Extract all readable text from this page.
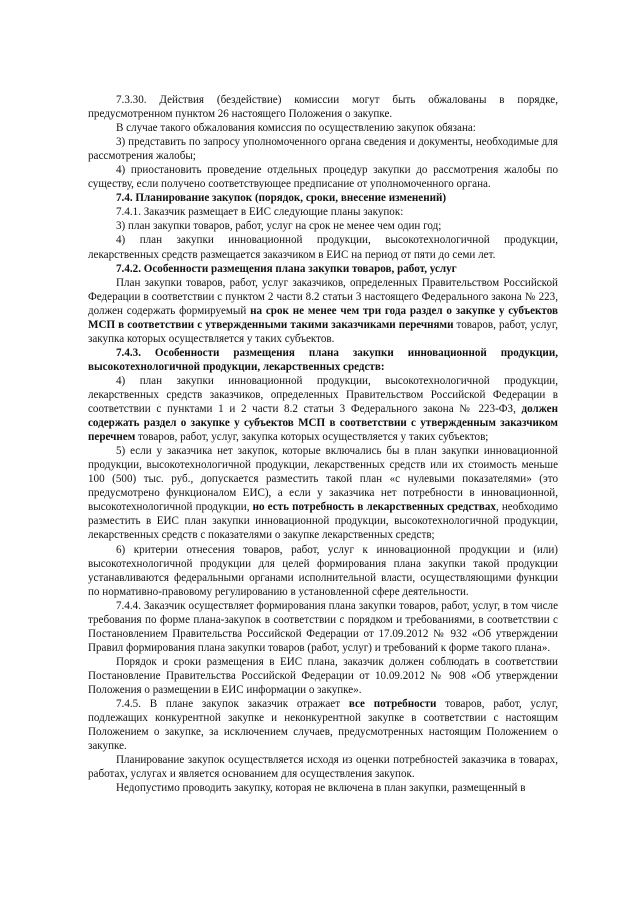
7.3.30. Действия (бездействие) комиссии могут быть обжалованы в порядке, предусмотренном пунктом 26 настоящего Положения о закупке.

В случае такого обжалования комиссия по осуществлению закупок обязана:

3) представить по запросу уполномоченного органа сведения и документы, необходимые для рассмотрения жалобы;

4) приостановить проведение отдельных процедур закупки до рассмотрения жалобы по существу, если получено соответствующее предписание от уполномоченного органа.

7.4. Планирование закупок (порядок, сроки, внесение изменений)

7.4.1. Заказчик размещает в ЕИС следующие планы закупок:

3) план закупки товаров, работ, услуг на срок не менее чем один год;

4) план закупки инновационной продукции, высокотехнологичной продукции, лекарственных средств размещается заказчиком в ЕИС на период от пяти до семи лет.

7.4.2. Особенности размещения плана закупки товаров, работ, услуг

План закупки товаров, работ, услуг заказчиков, определенных Правительством Российской Федерации в соответствии с пунктом 2 части 8.2 статьи 3 настоящего Федерального закона № 223, должен содержать формируемый на срок не менее чем три года раздел о закупке у субъектов МСП в соответствии с утвержденными такими заказчиками перечнями товаров, работ, услуг, закупка которых осуществляется у таких субъектов.

7.4.3. Особенности размещения плана закупки инновационной продукции, высокотехнологичной продукции, лекарственных средств:

4) план закупки инновационной продукции, высокотехнологичной продукции, лекарственных средств заказчиков, определенных Правительством Российской Федерации в соответствии с пунктами 1 и 2 части 8.2 статьи 3 Федерального закона № 223-ФЗ, должен содержать раздел о закупке у субъектов МСП в соответствии с утвержденным заказчиком перечнем товаров, работ, услуг, закупка которых осуществляется у таких субъектов;

5) если у заказчика нет закупок, которые включались бы в план закупки инновационной продукции, высокотехнологичной продукции, лекарственных средств или их стоимость меньше 100 (500) тыс. руб., допускается разместить такой план «с нулевыми показателями» (это предусмотрено функционалом ЕИС), а если у заказчика нет потребности в инновационной, высокотехнологичной продукции, но есть потребность в лекарственных средствах, необходимо разместить в ЕИС план закупки инновационной продукции, высокотехнологичной продукции, лекарственных средств с показателями о закупке лекарственных средств;

6) критерии отнесения товаров, работ, услуг к инновационной продукции и (или) высокотехнологичной продукции для целей формирования плана закупки такой продукции устанавливаются федеральными органами исполнительной власти, осуществляющими функции по нормативно-правовому регулированию в установленной сфере деятельности.

7.4.4. Заказчик осуществляет формирования плана закупки товаров, работ, услуг, в том числе требования по форме плана-закупок в соответствии с порядком и требованиями, в соответствии с Постановлением Правительства Российской Федерации от 17.09.2012 № 932 «Об утверждении Правил формирования плана закупки товаров (работ, услуг) и требований к форме такого плана».

Порядок и сроки размещения в ЕИС плана, заказчик должен соблюдать в соответствии Постановление Правительства Российской Федерации от 10.09.2012 № 908 «Об утверждении Положения о размещении в ЕИС информации о закупке».

7.4.5. В плане закупок заказчик отражает все потребности товаров, работ, услуг, подлежащих конкурентной закупке и неконкурентной закупке в соответствии с настоящим Положением о закупке, за исключением случаев, предусмотренных настоящим Положением о закупке.

Планирование закупок осуществляется исходя из оценки потребностей заказчика в товарах, работах, услугах и является основанием для осуществления закупок.

Недопустимо проводить закупку, которая не включена в план закупки, размещенный в
